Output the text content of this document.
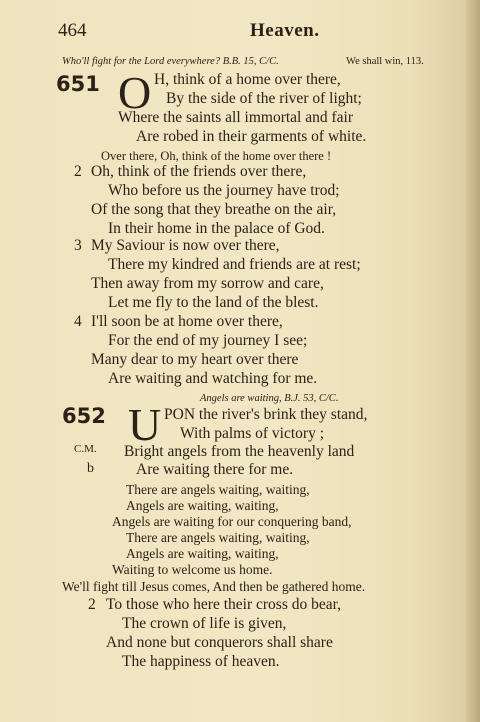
464	Heaven.
Who'll fight for the Lord everywhere? B.B. 15, C/C.	We shall win, 113.
651 O H, think of a home over there,
By the side of the river of light;
Where the saints all immortal and fair
Are robed in their garments of white.
Over there, Oh, think of the home over there !
2 Oh, think of the friends over there,
Who before us the journey have trod;
Of the song that they breathe on the air,
In their home in the palace of God.
3 My Saviour is now over there,
There my kindred and friends are at rest;
Then away from my sorrow and care,
Let me fly to the land of the blest.
4 I'll soon be at home over there,
For the end of my journey I see;
Many dear to my heart over there
Are waiting and watching for me.
Angels are waiting, B.J. 53, C/C.
652 U PON the river's brink they stand,
With palms of victory ;
C.M. Bright angels from the heavenly land
b	Are waiting there for me.
There are angels waiting, waiting,
Angels are waiting, waiting,
Angels are waiting for our conquering band,
There are angels waiting, waiting,
Angels are waiting, waiting,
Waiting to welcome us home.
We'll fight till Jesus comes, And then be gathered home.
2 To those who here their cross do bear,
The crown of life is given,
And none but conquerors shall share
The happiness of heaven.
